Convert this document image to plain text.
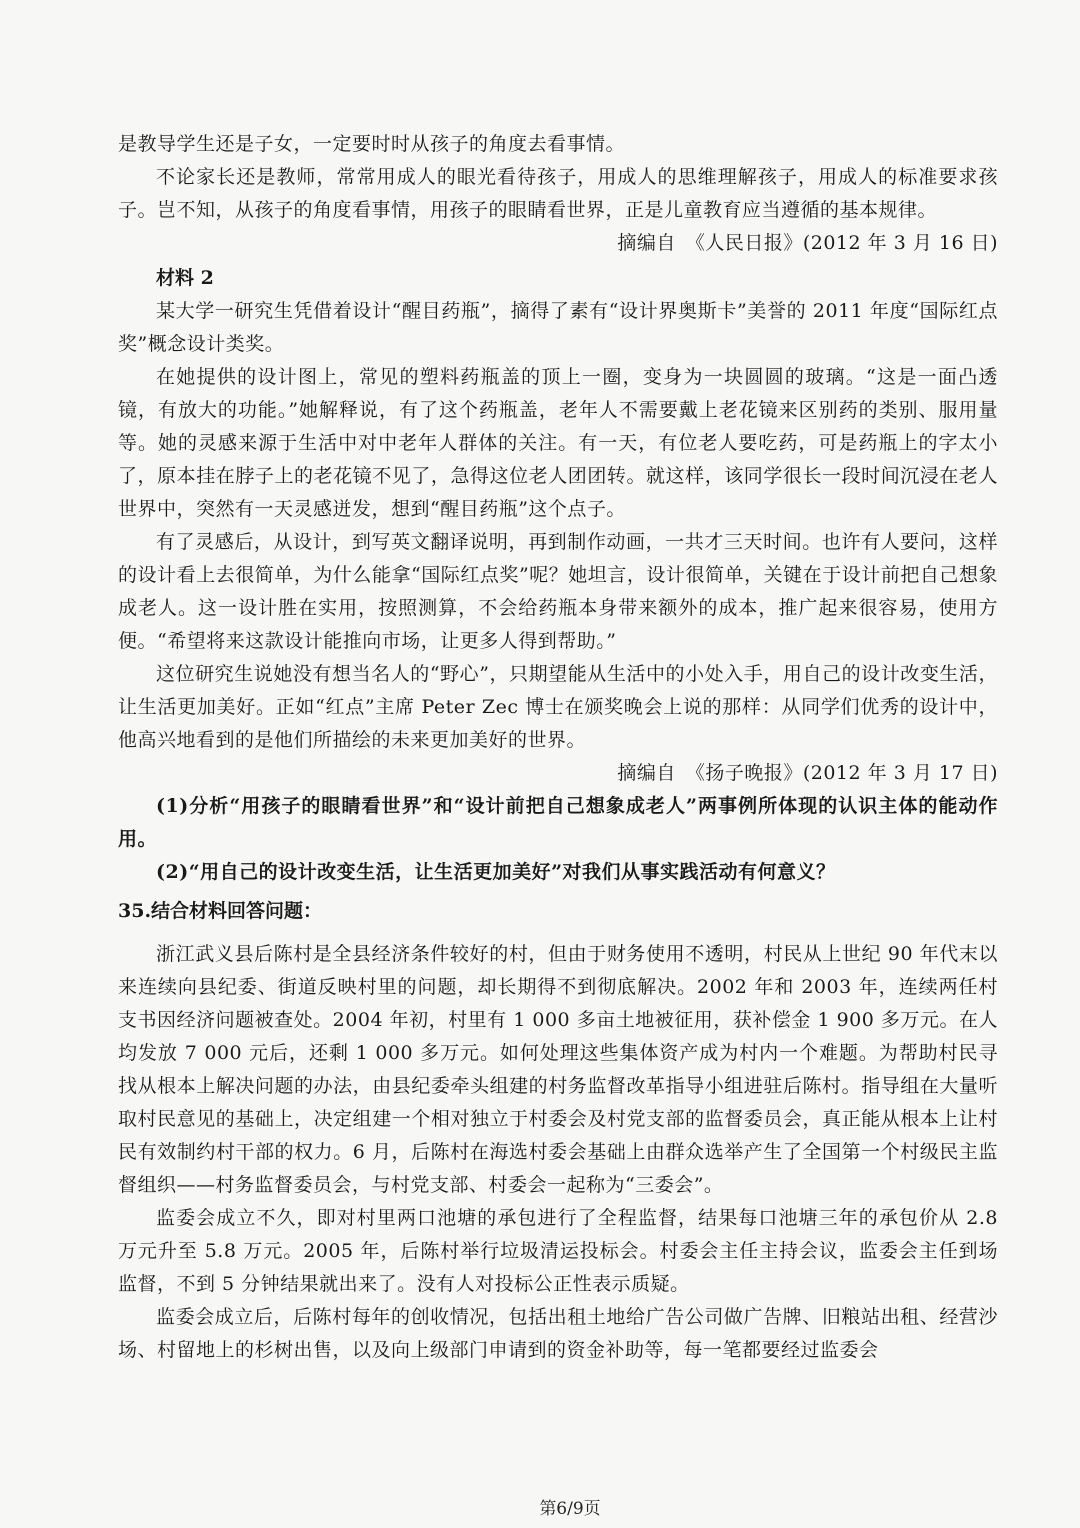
是教导学生还是子女，一定要时时从孩子的角度去看事情。

不论家长还是教师，常常用成人的眼光看待孩子，用成人的思维理解孩子，用成人的标准要求孩子。岂不知，从孩子的角度看事情，用孩子的眼睛看世界，正是儿童教育应当遵循的基本规律。

摘编自　《人民日报》(2012 年 3 月 16 日)

材料 2

某大学一研究生凭借着设计“醒目药瓶”，摘得了素有“设计界奥斯卡”美誉的 2011 年度“国际红点奖”概念设计类奖。

在她提供的设计图上，常见的塑料药瓶盖的顶上一圈，变身为一块圆圆的玻璃。“这是一面凸透镜，有放大的功能。”她解释说，有了这个药瓶盖，老年人不需要戴上老花镜来区别药的类别、服用量等。她的灵感来源于生活中对中老年人群体的关注。有一天，有位老人要吃药，可是药瓶上的字太小了，原本挂在脖子上的老花镜不见了，急得这位老人团团转。就这样，该同学很长一段时间沉浸在老人世界中，突然有一天灵感迸发，想到“醒目药瓶”这个点子。

有了灵感后，从设计，到写英文翻译说明，再到制作动画，一共才三天时间。也许有人要问，这样的设计看上去很简单，为什么能拿“国际红点奖”呢？她坦言，设计很简单，关键在于设计前把自己想象成老人。这一设计胜在实用，按照测算，不会给药瓶本身带来额外的成本，推广起来很容易，使用方便。“希望将来这款设计能推向市场，让更多人得到帮助。”

这位研究生说她没有想当名人的“野心”，只期望能从生活中的小处入手，用自己的设计改变生活，让生活更加美好。正如“红点”主席 Peter Zec 博士在颁奖晚会上说的那样：从同学们优秀的设计中，他高兴地看到的是他们所描绘的未来更加美好的世界。

摘编自　《扬子晚报》(2012 年 3 月 17 日)

(1)分析“用孩子的眼睛看世界”和“设计前把自己想象成老人”两事例所体现的认识主体的能动作用。

(2)“用自己的设计改变生活，让生活更加美好”对我们从事实践活动有何意义？

35.结合材料回答问题：

浙江武义县后陈村是全县经济条件较好的村，但由于财务使用不透明，村民从上世纪 90 年代末以来连续向县纪委、街道反映村里的问题，却长期得不到彻底解决。2002 年和 2003 年，连续两任村支书因经济问题被查处。2004 年初，村里有 1 000 多亩土地被征用，获补偿金 1 900 多万元。在人均发放 7 000 元后，还剩 1 000 多万元。如何处理这些集体资产成为村内一个难题。为帮助村民寻找从根本上解决问题的办法，由县纪委牵头组建的村务监督改革指导小组进驻后陈村。指导组在大量听取村民意见的基础上，决定组建一个相对独立于村委会及村党支部的监督委员会，真正能从根本上让村民有效制约村干部的权力。6 月，后陈村在海选村委会基础上由群众选举产生了全国第一个村级民主监督组织——村务监督委员会，与村党支部、村委会一起称为“三委会”。

监委会成立不久，即对村里两口池塘的承包进行了全程监督，结果每口池塘三年的承包价从 2.8 万元升至 5.8 万元。2005 年，后陈村举行垃圾清运投标会。村委会主任主持会议，监委会主任到场监督，不到 5 分钟结果就出来了。没有人对投标公正性表示质疑。

监委会成立后，后陈村每年的创收情况，包括出租土地给广告公司做广告牌、旧粮站出租、经营沙场、村留地上的杉树出售，以及向上级部门申请到的资金补助等，每一笔都要经过监委会

第6/9页
